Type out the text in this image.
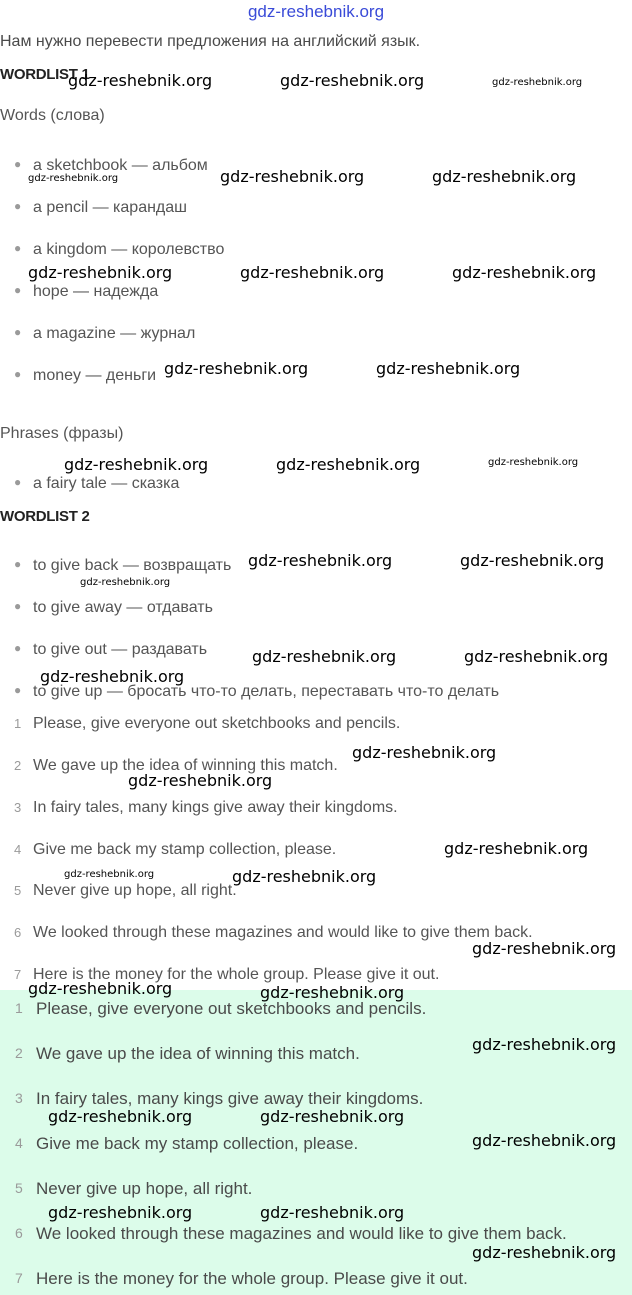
gdz-reshebnik.org
Нам нужно перевести предложения на английский язык.
WORDLIST 1
Words (слова)
● a sketchbook — альбом
● a pencil — карандаш
● a kingdom — королевство
● hope — надежда
● a magazine — журнал
● money — деньги
Phrases (фразы)
● a fairy tale — сказка
WORDLIST 2
● to give back — возвращать
● to give away — отдавать
● to give out — раздавать
● to give up — бросать что-то делать, переставать что-то делать
1 Please, give everyone out sketchbooks and pencils.
2 We gave up the idea of winning this match.
3 In fairy tales, many kings give away their kingdoms.
4 Give me back my stamp collection, please.
5 Never give up hope, all right.
6 We looked through these magazines and would like to give them back.
7 Here is the money for the whole group. Please give it out.
1 Please, give everyone out sketchbooks and pencils.
2 We gave up the idea of winning this match.
3 In fairy tales, many kings give away their kingdoms.
4 Give me back my stamp collection, please.
5 Never give up hope, all right.
6 We looked through these magazines and would like to give them back.
7 Here is the money for the whole group. Please give it out.
gdz-reshebnik.org	gdz-reshebnik.org	gdz-reshebnik.org
gdz-reshebnik.org	gdz-reshebnik.org	gdz-reshebnik.org
gdz-reshebnik.org	gdz-reshebnik.org	gdz-reshebnik.org
gdz-reshebnik.org	gdz-reshebnik.org
gdz-reshebnik.org	gdz-reshebnik.org	gdz-reshebnik.org
gdz-reshebnik.org	gdz-reshebnik.org
gdz-reshebnik.org
gdz-reshebnik.org	gdz-reshebnik.org
gdz-reshebnik.org
gdz-reshebnik.org
gdz-reshebnik.org
gdz-reshebnik.org
gdz-reshebnik.org	gdz-reshebnik.org
gdz-reshebnik.org
gdz-reshebnik.org	gdz-reshebnik.org
gdz-reshebnik.org
gdz-reshebnik.org	gdz-reshebnik.org
gdz-reshebnik.org
gdz-reshebnik.org	gdz-reshebnik.org
gdz-reshebnik.org
